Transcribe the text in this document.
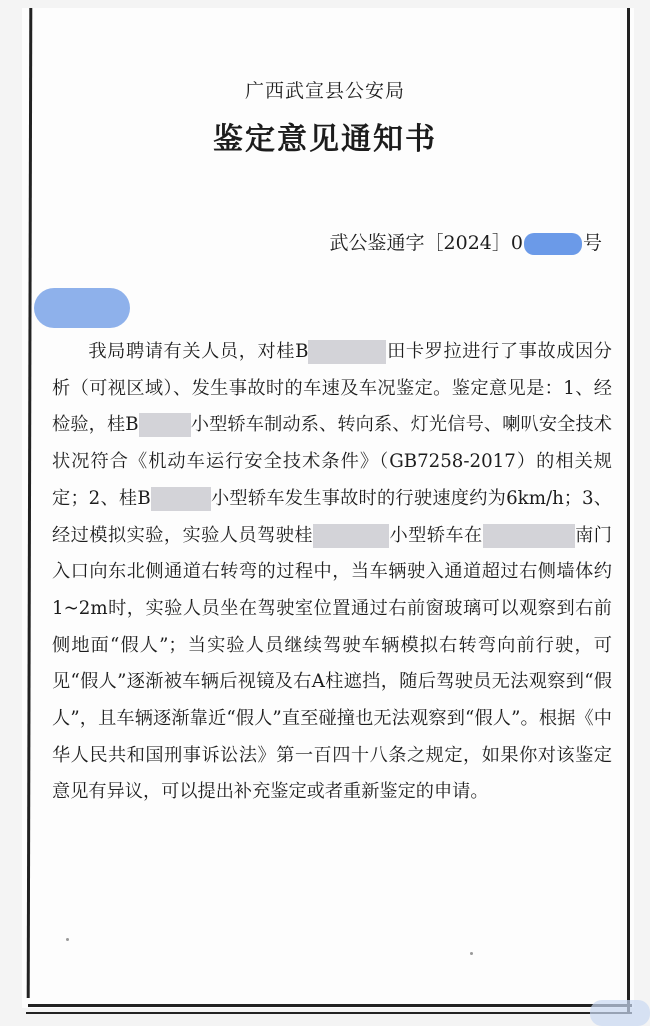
广西武宣县公安局
鉴定意见通知书
武公鉴通字［2024］0	号

我局聘请有关人员，对桂B	田卡罗拉进行了事故成因分析（可视区域）、发生事故时的车速及车况鉴定。鉴定意见是：1、经检验，桂B	小型轿车制动系、转向系、灯光信号、喇叭安全技术状况符合《机动车运行安全技术条件》（GB7258-2017）的相关规定；2、桂B	小型轿车发生事故时的行驶速度约为6km/h；3、经过模拟实验，实验人员驾驶桂	小型轿车在	南门入口向东北侧通道右转弯的过程中，当车辆驶入通道超过右侧墙体约1~2m时，实验人员坐在驾驶室位置通过右前窗玻璃可以观察到右前侧地面“假人”；当实验人员继续驾驶车辆模拟右转弯向前行驶，可见“假人”逐渐被车辆后视镜及右A柱遮挡，随后驾驶员无法观察到“假人”，且车辆逐渐靠近“假人”直至碰撞也无法观察到“假人”。根据《中华人民共和国刑事诉讼法》第一百四十八条之规定，如果你对该鉴定意见有异议，可以提出补充鉴定或者重新鉴定的申请。
